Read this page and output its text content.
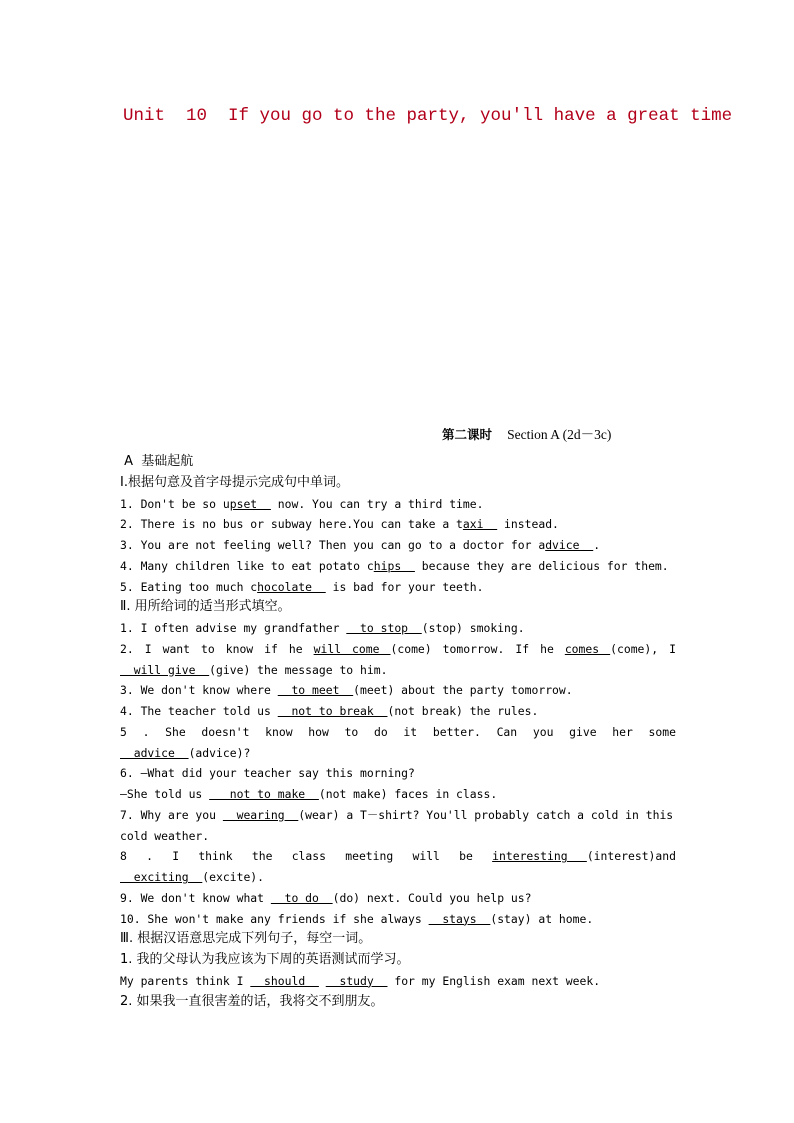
Unit  10  If you go to the party, you'll have a great time
第二课时 Section A (2d－3c)
A  基础起航
Ⅰ.根据句意及首字母提示完成句中单词。
1. Don't be so upset   now. You can try a third time.
2. There is no bus or subway here.You can take a taxi   instead.
3. You are not feeling well? Then you can go to a doctor for advice  .
4. Many children like to eat potato chips   because they are delicious for them.
5. Eating too much chocolate   is bad for your teeth.
Ⅱ. 用所给词的适当形式填空。
1. I often advise my grandfather   to stop  (stop) smoking.
2. I want to know if he will come (come) tomorrow. If he comes (come), I
will give  (give) the message to him.
3. We don't know where   to meet  (meet) about the party tomorrow.
4. The teacher told us   not to break  (not break) the rules.
5 . She doesn't know how to do it better. Can you give her some
advice  (advice)?
6. —What did your teacher say this morning?
—She told us    not to make  (not make) faces in class.
7. Why are you   wearing  (wear) a T－shirt? You'll probably catch a cold in this
cold weather.
8 . I think the class meeting will be interesting (interest)and
exciting  (excite).
9. We don't know what   to do  (do) next. Could you help us?
10. She won't make any friends if she always   stays  (stay) at home.
Ⅲ. 根据汉语意思完成下列句子，每空一词。
1. 我的父母认为我应该为下周的英语测试而学习。
My parents think I   should     study   for my English exam next week.
2. 如果我一直很害羞的话，我将交不到朋友。
